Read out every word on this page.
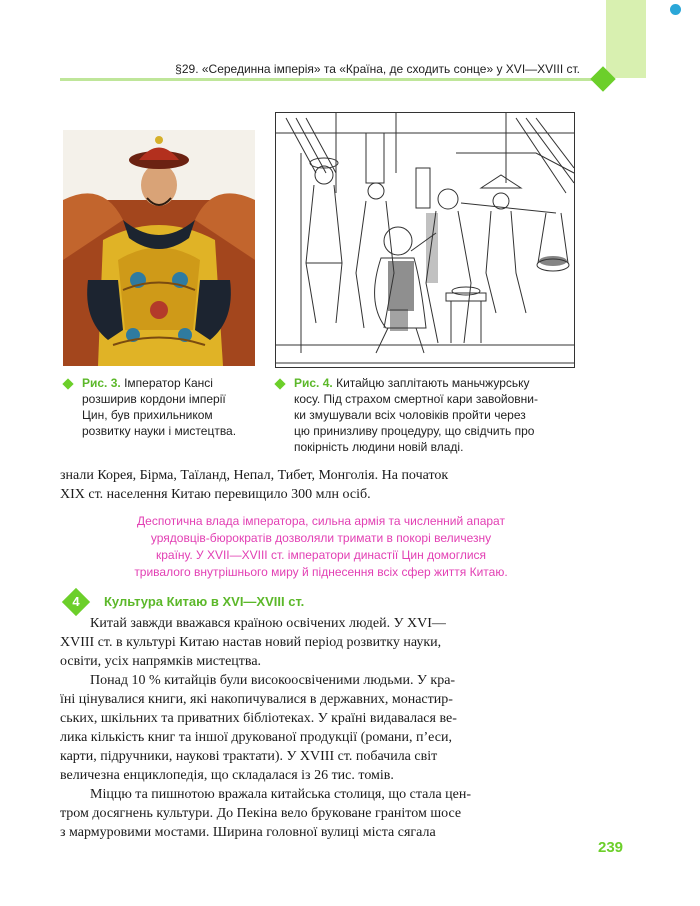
§29. «Серединна імперія» та «Країна, де сходить сонце» у XVI—XVIII ст.
Рис. 3. Імператор Кансі
розширив кордони імперії
Цин, був прихильником
розвитку науки і мистецтва.
Рис. 4. Китайцю заплітають маньчжурську
косу. Під страхом смертної кари завойовни-
ки змушували всіх чоловіків пройти через
цю принизливу процедуру, що свідчить про
покірність людини новій владі.
знали Корея, Бірма, Таїланд, Непал, Тибет, Монголія. На початок
XIX ст. населення Китаю перевищило 300 млн осіб.
Деспотична влада імператора, сильна армія та численний апарат
урядовців-бюрократів дозволяли тримати в покорі величезну
країну. У XVII—XVIII ст. імператори династії Цин домоглися
тривалого внутрішнього миру й піднесення всіх сфер життя Китаю.
4	Культура Китаю в XVI—XVIII ст.
Китай завжди вважався країною освічених людей. У XVI—
XVIII ст. в культурі Китаю настав новий період розвитку науки,
освіти, усіх напрямків мистецтва.
Понад 10 % китайців були високоосвіченими людьми. У кра-
їні цінувалися книги, які накопичувалися в державних, монастир-
ських, шкільних та приватних бібліотеках. У країні видавалася ве-
лика кількість книг та іншої друкованої продукції (романи, п’еси,
карти, підручники, наукові трактати). У XVIII ст. побачила світ
величезна енциклопедія, що складалася із 26 тис. томів.
Міццю та пишнотою вражала китайська столиця, що стала цен-
тром досягнень культури. До Пекіна вело бруковане гранітом шосе
з мармуровими мостами. Ширина головної вулиці міста сягала
239
